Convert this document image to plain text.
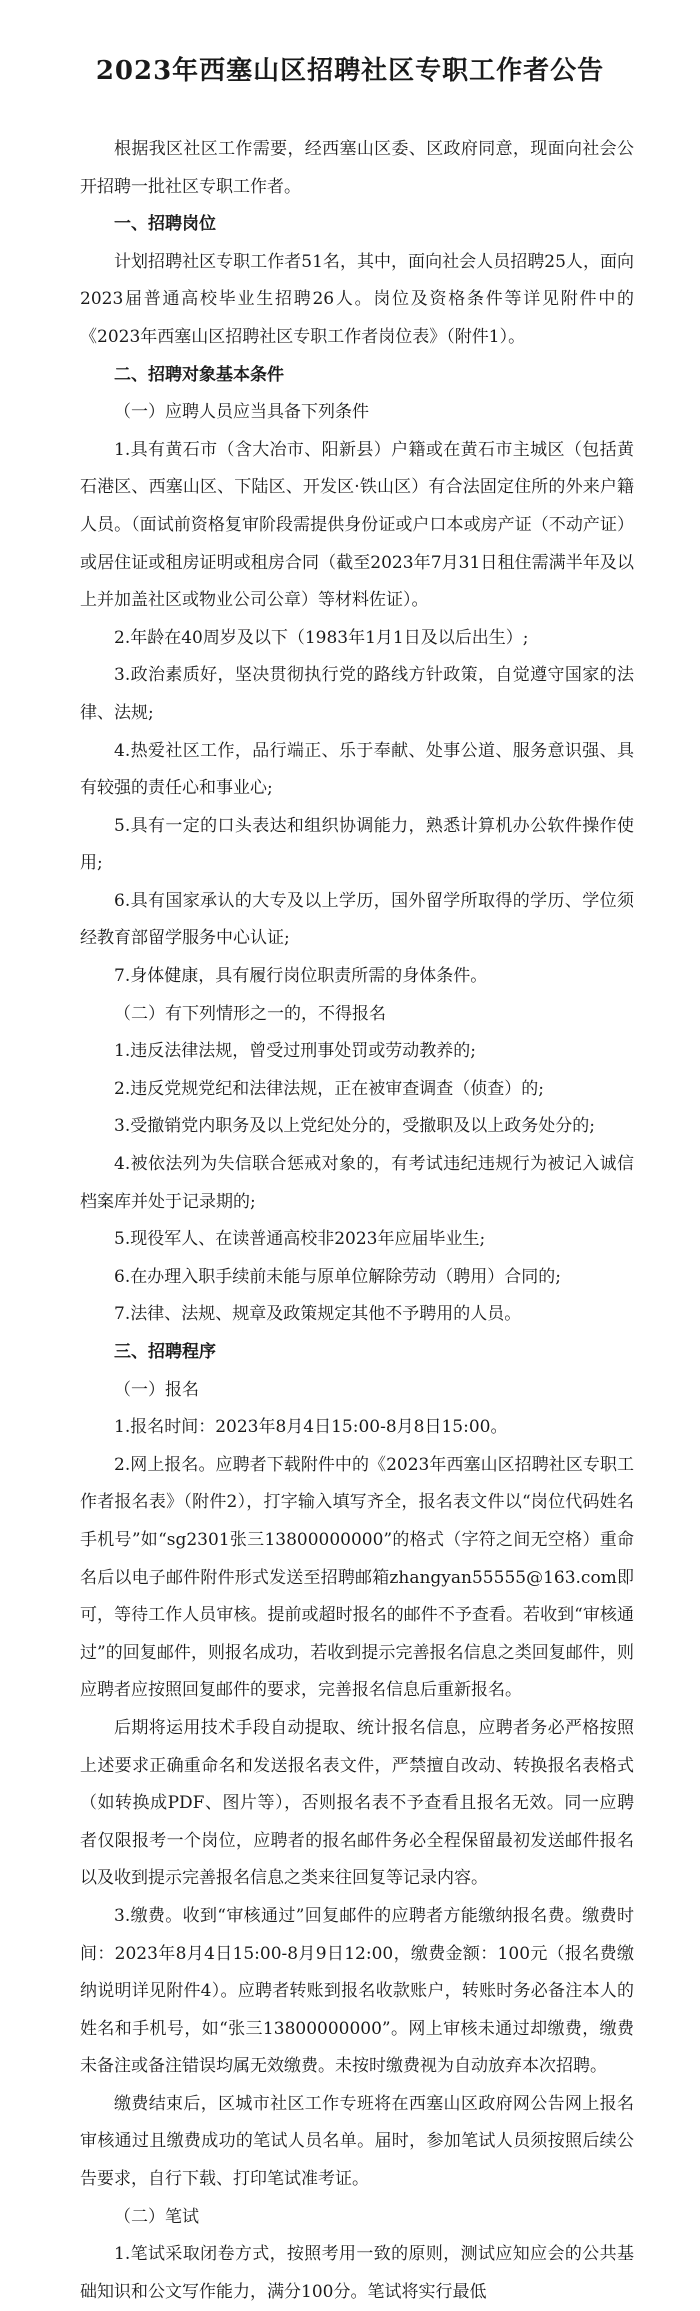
2023年西塞山区招聘社区专职工作者公告

根据我区社区工作需要，经西塞山区委、区政府同意，现面向社会公开招聘一批社区专职工作者。

一、招聘岗位

计划招聘社区专职工作者51名，其中，面向社会人员招聘25人，面向2023届普通高校毕业生招聘26人。岗位及资格条件等详见附件中的《2023年西塞山区招聘社区专职工作者岗位表》（附件1）。

二、招聘对象基本条件

（一）应聘人员应当具备下列条件

1.具有黄石市（含大冶市、阳新县）户籍或在黄石市主城区（包括黄石港区、西塞山区、下陆区、开发区·铁山区）有合法固定住所的外来户籍人员。（面试前资格复审阶段需提供身份证或户口本或房产证（不动产证）或居住证或租房证明或租房合同（截至2023年7月31日租住需满半年及以上并加盖社区或物业公司公章）等材料佐证）。

2.年龄在40周岁及以下（1983年1月1日及以后出生）;

3.政治素质好，坚决贯彻执行党的路线方针政策，自觉遵守国家的法律、法规;

4.热爱社区工作，品行端正、乐于奉献、处事公道、服务意识强、具有较强的责任心和事业心;

5.具有一定的口头表达和组织协调能力，熟悉计算机办公软件操作使用;

6.具有国家承认的大专及以上学历，国外留学所取得的学历、学位须经教育部留学服务中心认证;

7.身体健康，具有履行岗位职责所需的身体条件。

（二）有下列情形之一的，不得报名

1.违反法律法规，曾受过刑事处罚或劳动教养的;

2.违反党规党纪和法律法规，正在被审查调查（侦查）的;

3.受撤销党内职务及以上党纪处分的，受撤职及以上政务处分的;

4.被依法列为失信联合惩戒对象的，有考试违纪违规行为被记入诚信档案库并处于记录期的;

5.现役军人、在读普通高校非2023年应届毕业生;

6.在办理入职手续前未能与原单位解除劳动（聘用）合同的;

7.法律、法规、规章及政策规定其他不予聘用的人员。

三、招聘程序

（一）报名

1.报名时间：2023年8月4日15:00-8月8日15:00。

2.网上报名。应聘者下载附件中的《2023年西塞山区招聘社区专职工作者报名表》（附件2），打字输入填写齐全，报名表文件以“岗位代码姓名手机号”如“sg2301张三13800000000”的格式（字符之间无空格）重命名后以电子邮件附件形式发送至招聘邮箱zhangyan55555@163.com即可，等待工作人员审核。提前或超时报名的邮件不予查看。若收到“审核通过”的回复邮件，则报名成功，若收到提示完善报名信息之类回复邮件，则应聘者应按照回复邮件的要求，完善报名信息后重新报名。

后期将运用技术手段自动提取、统计报名信息，应聘者务必严格按照上述要求正确重命名和发送报名表文件，严禁擅自改动、转换报名表格式（如转换成PDF、图片等），否则报名表不予查看且报名无效。同一应聘者仅限报考一个岗位，应聘者的报名邮件务必全程保留最初发送邮件报名以及收到提示完善报名信息之类来往回复等记录内容。

3.缴费。收到“审核通过”回复邮件的应聘者方能缴纳报名费。缴费时间：2023年8月4日15:00-8月9日12:00，缴费金额：100元（报名费缴纳说明详见附件4）。应聘者转账到报名收款账户，转账时务必备注本人的姓名和手机号，如“张三13800000000”。网上审核未通过却缴费，缴费未备注或备注错误均属无效缴费。未按时缴费视为自动放弃本次招聘。

缴费结束后，区城市社区工作专班将在西塞山区政府网公告网上报名审核通过且缴费成功的笔试人员名单。届时，参加笔试人员须按照后续公告要求，自行下载、打印笔试准考证。

（二）笔试

1.笔试采取闭卷方式，按照考用一致的原则，测试应知应会的公共基础知识和公文写作能力，满分100分。笔试将实行最低
